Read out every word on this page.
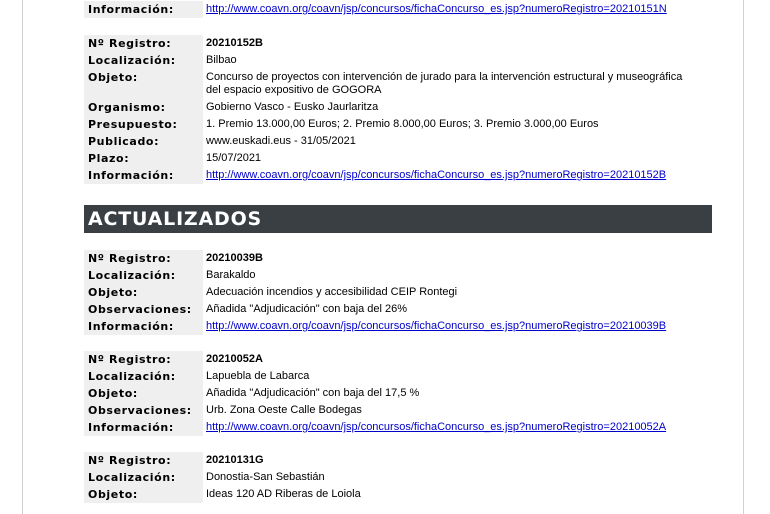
Información:	http://www.coavn.org/coavn/jsp/concursos/fichaConcurso_es.jsp?numeroRegistro=20210151N
Nº Registro:	20210152B
Localización:	Bilbao
Objeto:	Concurso de proyectos con intervención de jurado para la intervención estructural y museográfica
del espacio expositivo de GOGORA
Organismo:	Gobierno Vasco - Eusko Jaurlaritza
Presupuesto:	1. Premio 13.000,00 Euros; 2. Premio 8.000,00 Euros; 3. Premio 3.000,00 Euros
Publicado:	www.euskadi.eus - 31/05/2021
Plazo:	15/07/2021
Información:	http://www.coavn.org/coavn/jsp/concursos/fichaConcurso_es.jsp?numeroRegistro=20210152B
ACTUALIZADOS
Nº Registro:	20210039B
Localización:	Barakaldo
Objeto:	Adecuación incendios y accesibilidad CEIP Rontegi
Observaciones:	Añadida "Adjudicación" con baja del 26%
Información:	http://www.coavn.org/coavn/jsp/concursos/fichaConcurso_es.jsp?numeroRegistro=20210039B
Nº Registro:	20210052A
Localización:	Lapuebla de Labarca
Objeto:	Añadida "Adjudicación" con baja del 17,5 %
Observaciones:	Urb. Zona Oeste Calle Bodegas
Información:	http://www.coavn.org/coavn/jsp/concursos/fichaConcurso_es.jsp?numeroRegistro=20210052A
Nº Registro:	20210131G
Localización:	Donostia-San Sebastián
Objeto:	Ideas 120 AD Riberas de Loiola
